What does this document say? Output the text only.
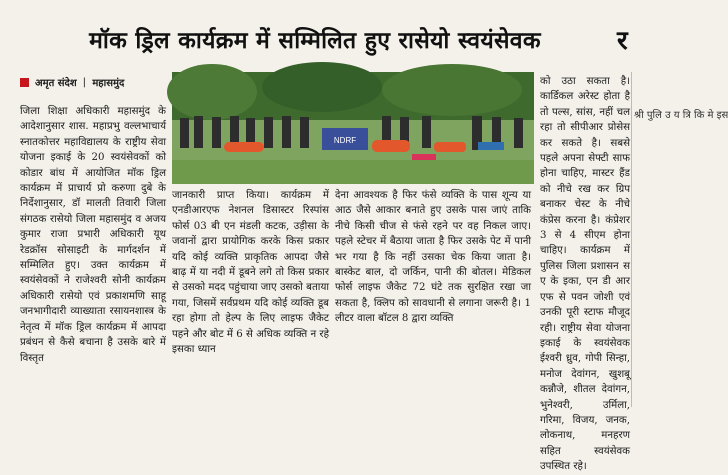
मॉक ड्रिल कार्यक्रम में सम्मिलित हुए रासेयो स्वयंसेवक	र
अमृत संदेश | महासमुंद

जिला शिक्षा अधिकारी महासमुंद के आदेशानुसार शास. महाप्रभु वल्लभाचार्य स्नातकोत्तर महाविद्यालय के राष्ट्रीय सेवा योजना इकाई के 20 स्वयंसेवकों को कोडार बांध में आयोजित मॉक ड्रिल कार्यक्रम में प्राचार्य प्रो करुणा दुबे के निर्देशानुसार, डॉ मालती तिवारी जिला संगठक रासेयो जिला महासमुंद व अजय कुमार राजा प्रभारी अधिकारी यूथ रेडक्रॉस सोसाइटी के मार्गदर्शन में सम्मिलित हुए। उक्त कार्यक्रम में स्वयंसेवकों ने राजेश्वरी सोनी कार्यक्रम अधिकारी रासेयो एवं प्रकाशमणि साहू जनभागीदारी व्याख्याता रसायनशास्त्र के नेतृत्व में मॉक ड्रिल कार्यक्रम में आपदा प्रबंधन से कैसे बचाना है उसके बारे में विस्तृत

NDRF

जानकारी प्राप्त किया। कार्यक्रम में एनडीआरएफ नेशनल डिसास्टर रिस्पांस फोर्स 03 बी एन मंडली कटक, उड़ीसा के जवानों द्वारा प्रायोगिक करके किस प्रकार यदि कोई व्यक्ति प्राकृतिक आपदा जैसे बाढ़ में या नदी में डूबने लगे तो किस प्रकार से उसको मदद पहुंचाया जाए उसको बताया गया, जिसमें सर्वप्रथम यदि कोई व्यक्ति डूब रहा होगा तो हेल्प के लिए लाइफ जैकेट पहने और बोट में 6 से अधिक व्यक्ति न रहे इसका ध्यान

देना आवश्यक है फिर फंसे व्यक्ति के पास शून्य या आठ जैसे आकार बनाते हुए उसके पास जाएं ताकि नीचे किसी चीज से फंसे रहने पर वह निकल जाए। पहले स्टेचर में बैठाया जाता है फिर उसके पेट में पानी भर गया है कि नहीं उसका चेक किया जाता है। बास्केट बाल, दो जर्किन, पानी की बोतल। मेडिकल फोर्स लाइफ जैकेट 72 घंटे तक सुरक्षित रखा जा सकता है, क्लिप को सावधानी से लगाना जरूरी है। 1 लीटर वाला बॉटल 8 द्वारा व्यक्ति

को उठा सकता है। कार्डिकल अरेस्ट होता है तो पल्स, सांस, नहीं चल रहा तो सीपीआर प्रोसेस कर सकते है। सबसे पहले अपना सेफ्टी साफ होना चाहिए, मास्टर हैंड को नीचे रख कर ग्रिप बनाकर चेस्ट के नीचे कंप्रेस करना है। कंप्रेशर 3 से 4 सीएम होना चाहिए। कार्यक्रम में पुलिस जिला प्रशासन स ए के इका, एन डी आर एफ से पवन जोशी एवं उनकी पूरी स्टाफ मौजूद रही। राष्ट्रीय सेवा योजना इकाई के स्वयंसेवक ईश्वरी ध्रुव, गोपी सिन्हा, मनोज देवांगन, खुशबू कन्नौजे, शीतल देवांगन, भुनेश्वरी, उर्मिला, गरिमा, विजय, जनक, लोकनाथ, मनहरण सहित स्वयंसेवक उपस्थित रहे।

श्री पुलि उ य त्रि कि मे इस
